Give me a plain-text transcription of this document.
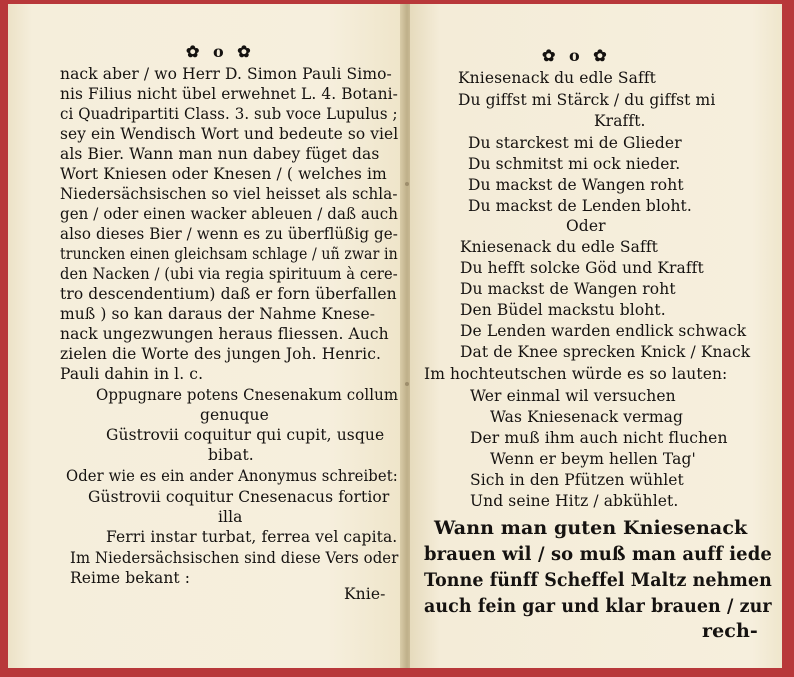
✿ o ✿
nack aber / wo Herr D. Simon Pauli Simo-
nis Filius nicht übel erwehnet L. 4. Botani-
ci Quadripartiti Class. 3. sub voce Lupulus ;
sey ein Wendisch Wort und bedeute so viel
als Bier. Wann man nun dabey füget das
Wort Kniesen oder Knesen / ( welches im
Niedersächsischen so viel heisset als schla-
gen / oder einen wacker ableuen / daß auch
also dieses Bier / wenn es zu überflüßig ge-
truncken einen gleichsam schlage / uñ zwar in
den Nacken / (ubi via regia spirituum à cere-
tro descendentium) daß er forn überfallen
muß ) so kan daraus der Nahme Knese-
nack ungezwungen heraus fliessen. Auch
zielen die Worte des jungen Joh. Henric.
Pauli dahin in l. c.
Oppugnare potens Cnesenakum collum
genuque
Güstrovii coquitur qui cupit, usque
bibat.
Oder wie es ein ander Anonymus schreibet:
Güstrovii coquitur Cnesenacus fortior
illa
Ferri instar turbat, ferrea vel capita.
Im Niedersächsischen sind diese Vers oder
Reime bekant :
Knie-
✿ o ✿
Kniesenack du edle Safft
Du giffst mi Stärck / du giffst mi
Krafft.
Du starckest mi de Glieder
Du schmitst mi ock nieder.
Du mackst de Wangen roht
Du mackst de Lenden bloht.
Oder
Kniesenack du edle Safft
Du hefft solcke Göd und Krafft
Du mackst de Wangen roht
Den Büdel mackstu bloht.
De Lenden warden endlick schwack
Dat de Knee sprecken Knick / Knack
Im hochteutschen würde es so lauten:
Wer einmal wil versuchen
Was Kniesenack vermag
Der muß ihm auch nicht fluchen
Wenn er beym hellen Tag'
Sich in den Pfützen wühlet
Und seine Hitz / abkühlet.
Wann man guten Kniesenack
brauen wil / so muß man auff iede
Tonne fünff Scheffel Maltz nehmen
auch fein gar und klar brauen / zur
rech-
